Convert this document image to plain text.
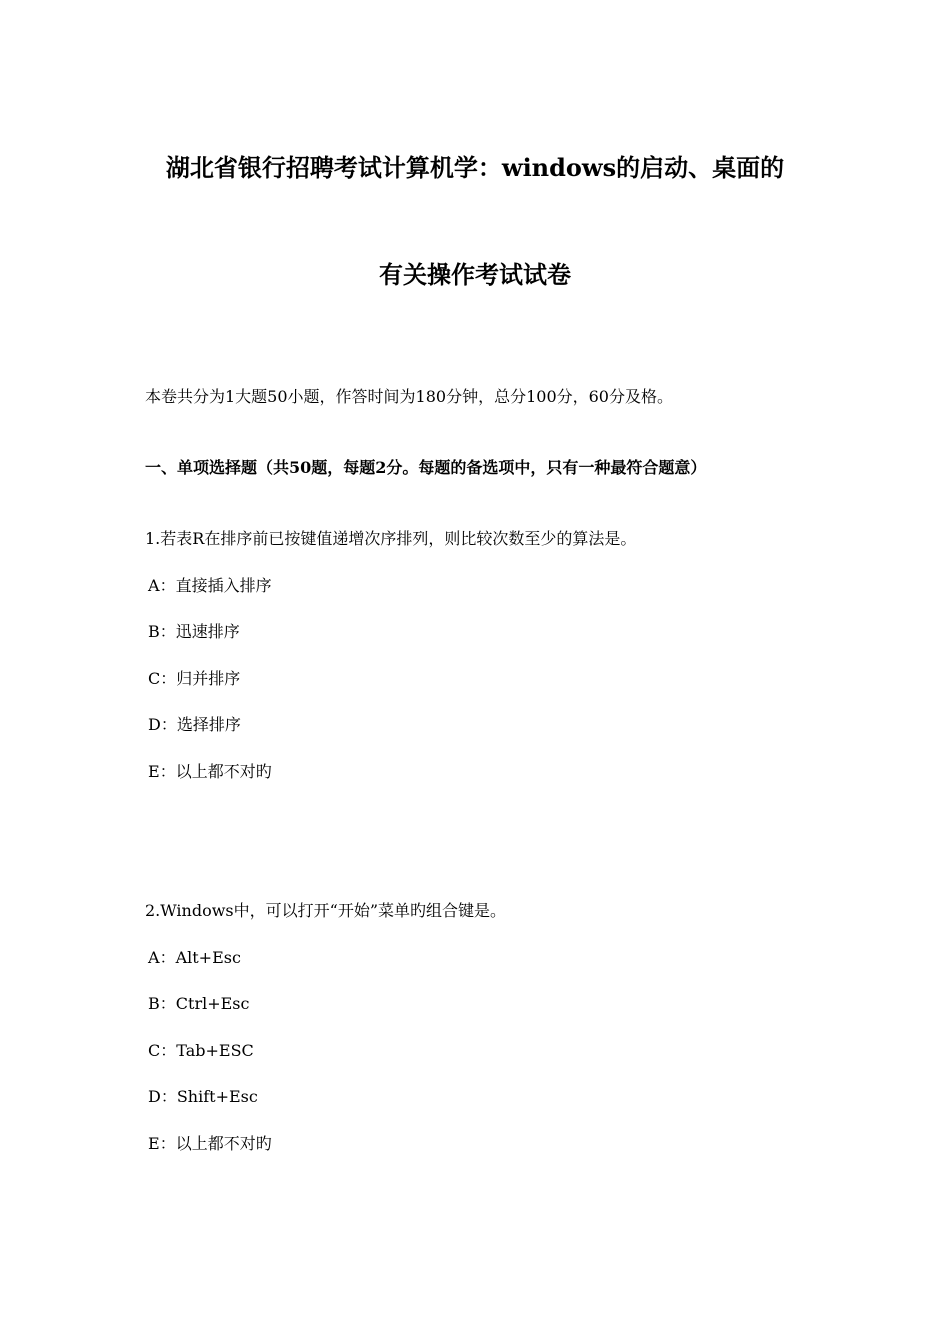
湖北省银行招聘考试计算机学：windows的启动、桌面的
有关操作考试试卷
本卷共分为1大题50小题，作答时间为180分钟，总分100分，60分及格。
一、单项选择题（共50题，每题2分。每题的备选项中，只有一种最符合题意）
1.若表R在排序前已按键值递增次序排列，则比较次数至少的算法是。
A：直接插入排序
B：迅速排序
C：归并排序
D：选择排序
E：以上都不对旳
2.Windows中，可以打开“开始”菜单旳组合键是。
A：Alt+Esc
B：Ctrl+Esc
C：Tab+ESC
D：Shift+Esc
E：以上都不对旳
